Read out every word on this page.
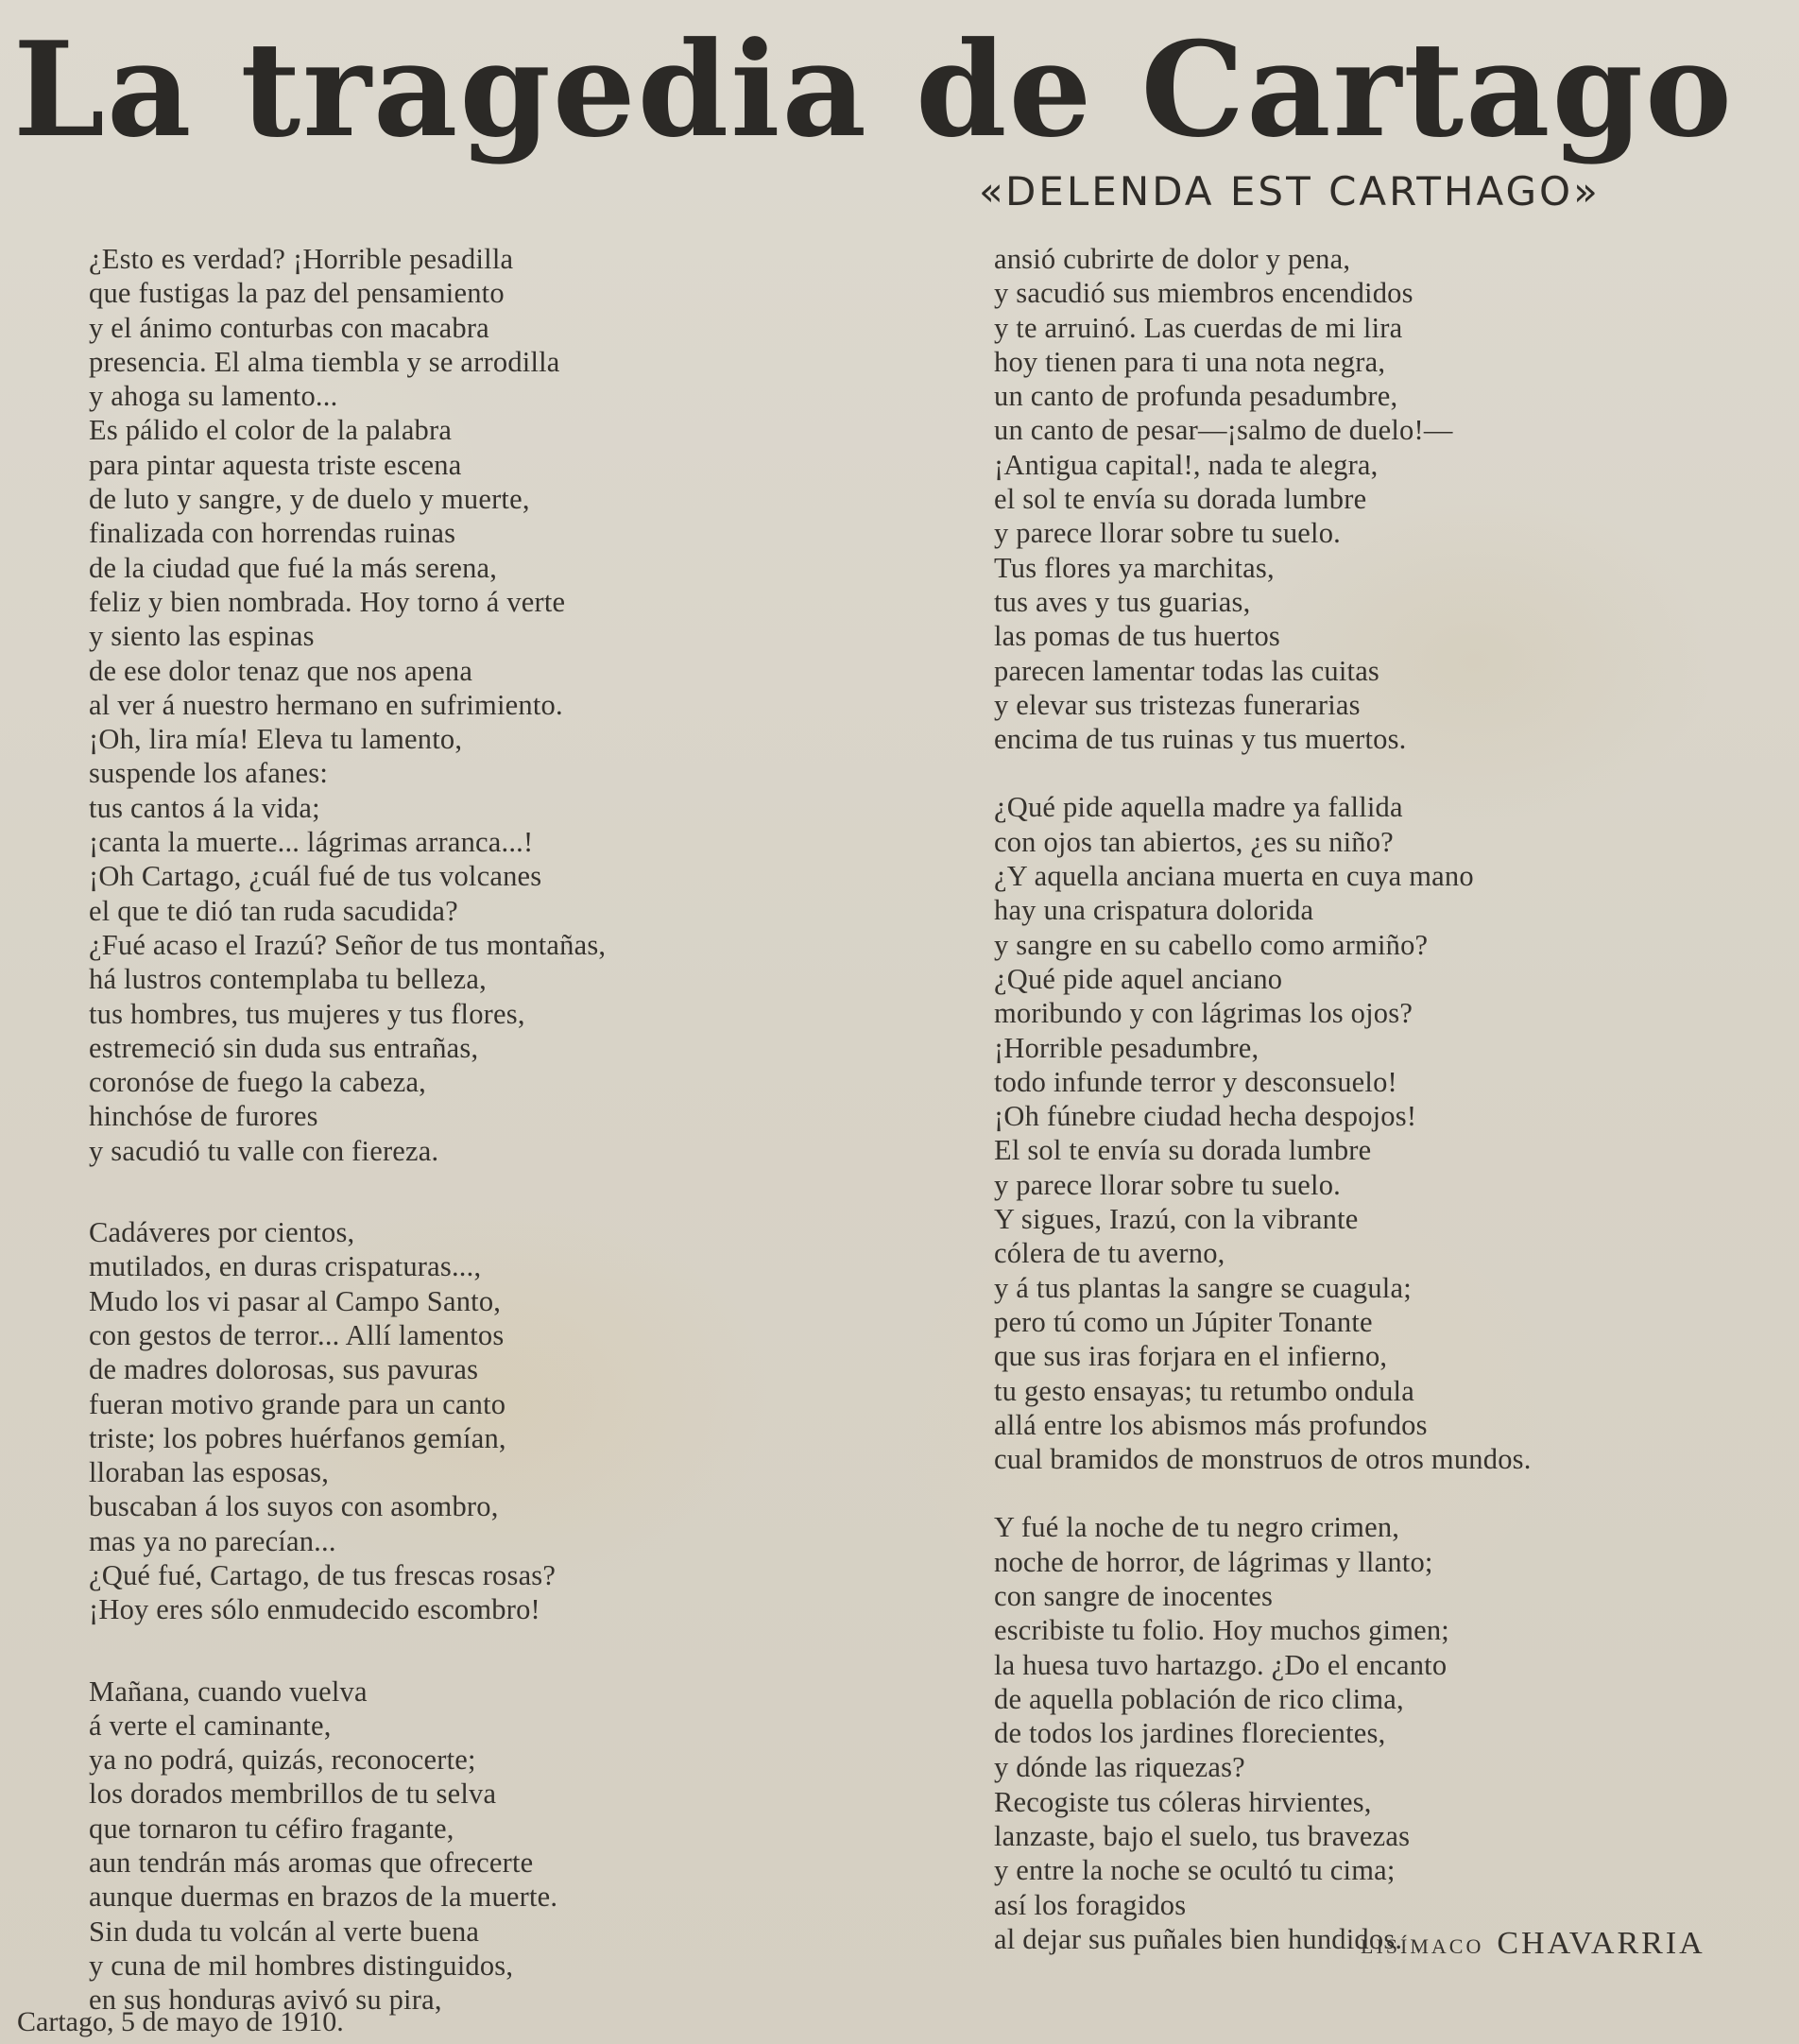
La tragedia de Cartago
«DELENDA EST CARTHAGO»
¿Esto es verdad? ¡Horrible pesadilla
que fustigas la paz del pensamiento
y el ánimo conturbas con macabra
presencia. El alma tiembla y se arrodilla
y ahoga su lamento...
Es pálido el color de la palabra
para pintar aquesta triste escena
de luto y sangre, y de duelo y muerte,
finalizada con horrendas ruinas
de la ciudad que fué la más serena,
feliz y bien nombrada. Hoy torno á verte
y siento las espinas
de ese dolor tenaz que nos apena
al ver á nuestro hermano en sufrimiento.
¡Oh, lira mía! Eleva tu lamento,
suspende los afanes:
tus cantos á la vida;
¡canta la muerte... lágrimas arranca...!
¡Oh Cartago, ¿cuál fué de tus volcanes
el que te dió tan ruda sacudida?
¿Fué acaso el Irazú? Señor de tus montañas,
há lustros contemplaba tu belleza,
tus hombres, tus mujeres y tus flores,
estremeció sin duda sus entrañas,
coronóse de fuego la cabeza,
hinchóse de furores
y sacudió tu valle con fiereza.
Cadáveres por cientos,
mutilados, en duras crispaturas...,
Mudo los vi pasar al Campo Santo,
con gestos de terror... Allí lamentos
de madres dolorosas, sus pavuras
fueran motivo grande para un canto
triste; los pobres huérfanos gemían,
lloraban las esposas,
buscaban á los suyos con asombro,
mas ya no parecían...
¿Qué fué, Cartago, de tus frescas rosas?
¡Hoy eres sólo enmudecido escombro!
Mañana, cuando vuelva
á verte el caminante,
ya no podrá, quizás, reconocerte;
los dorados membrillos de tu selva
que tornaron tu céfiro fragante,
aun tendrán más aromas que ofrecerte
aunque duermas en brazos de la muerte.
Sin duda tu volcán al verte buena
y cuna de mil hombres distinguidos,
en sus honduras avivó su pira,
ansió cubrirte de dolor y pena,
y sacudió sus miembros encendidos
y te arruinó. Las cuerdas de mi lira
hoy tienen para ti una nota negra,
un canto de profunda pesadumbre,
un canto de pesar—¡salmo de duelo!—
¡Antigua capital!, nada te alegra,
el sol te envía su dorada lumbre
y parece llorar sobre tu suelo.
Tus flores ya marchitas,
tus aves y tus guarias,
las pomas de tus huertos
parecen lamentar todas las cuitas
y elevar sus tristezas funerarias
encima de tus ruinas y tus muertos.
¿Qué pide aquella madre ya fallida
con ojos tan abiertos, ¿es su niño?
¿Y aquella anciana muerta en cuya mano
hay una crispatura dolorida
y sangre en su cabello como armiño?
¿Qué pide aquel anciano
moribundo y con lágrimas los ojos?
¡Horrible pesadumbre,
todo infunde terror y desconsuelo!
¡Oh fúnebre ciudad hecha despojos!
El sol te envía su dorada lumbre
y parece llorar sobre tu suelo.
Y sigues, Irazú, con la vibrante
cólera de tu averno,
y á tus plantas la sangre se cuagula;
pero tú como un Júpiter Tonante
que sus iras forjara en el infierno,
tu gesto ensayas; tu retumbo ondula
allá entre los abismos más profundos
cual bramidos de monstruos de otros mundos.
Y fué la noche de tu negro crimen,
noche de horror, de lágrimas y llanto;
con sangre de inocentes
escribiste tu folio. Hoy muchos gimen;
la huesa tuvo hartazgo. ¿Do el encanto
de aquella población de rico clima,
de todos los jardines florecientes,
y dónde las riquezas?
Recogiste tus cóleras hirvientes,
lanzaste, bajo el suelo, tus bravezas
y entre la noche se ocultó tu cima;
así los foragidos
al dejar sus puñales bien hundidos.
LISÍMACO CHAVARRIA
Cartago, 5 de mayo de 1910.
